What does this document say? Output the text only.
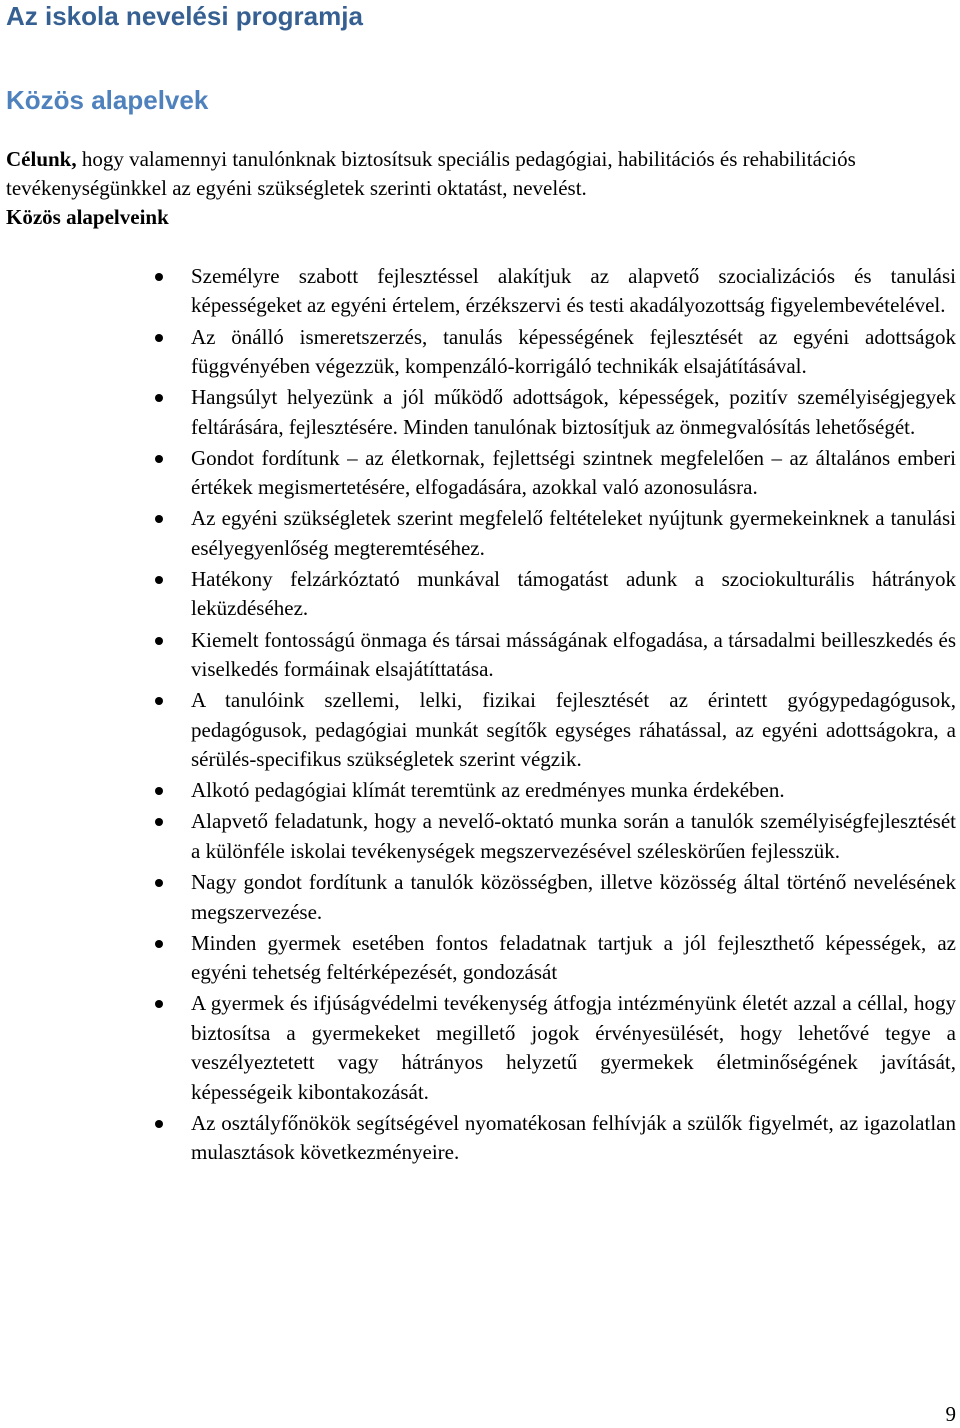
Az iskola nevelési programja
Közös alapelvek

Célunk, hogy valamennyi tanulónknak biztosítsuk speciális pedagógiai, habilitációs és rehabilitációs tevékenységünkkel az egyéni szükségletek szerinti oktatást, nevelést.

Közös alapelveink

Személyre szabott fejlesztéssel alakítjuk az alapvető szocializációs és tanulási képességeket az egyéni értelem, érzékszervi és testi akadályozottság figyelembevételével.
Az önálló ismeretszerzés, tanulás képességének fejlesztését az egyéni adottságok függvényében végezzük, kompenzáló-korrigáló technikák elsajátításával.
Hangsúlyt helyezünk a jól működő adottságok, képességek, pozitív személyiségjegyek feltárására, fejlesztésére. Minden tanulónak biztosítjuk az önmegvalósítás lehetőségét.
Gondot fordítunk – az életkornak, fejlettségi szintnek megfelelően – az általános emberi értékek megismertetésére, elfogadására, azokkal való azonosulásra.
Az egyéni szükségletek szerint megfelelő feltételeket nyújtunk gyermekeinknek a tanulási esélyegyenlőség megteremtéséhez.
Hatékony felzárkóztató munkával támogatást adunk a szociokulturális hátrányok leküzdéséhez.
Kiemelt fontosságú önmaga és társai másságának elfogadása, a társadalmi beilleszkedés és viselkedés formáinak elsajátíttatása.
A tanulóink szellemi, lelki, fizikai fejlesztését az érintett gyógypedagógusok, pedagógusok, pedagógiai munkát segítők egységes ráhatással, az egyéni adottságokra, a sérülés-specifikus szükségletek szerint végzik.
Alkotó pedagógiai klímát teremtünk az eredményes munka érdekében.
Alapvető feladatunk, hogy a nevelő-oktató munka során a tanulók személyiségfejlesztését a különféle iskolai tevékenységek megszervezésével széleskörűen fejlesszük.
Nagy gondot fordítunk a tanulók közösségben, illetve közösség által történő nevelésének megszervezése.
Minden gyermek esetében fontos feladatnak tartjuk a jól fejleszthető képességek, az egyéni tehetség feltérképezését, gondozását
A gyermek és ifjúságvédelmi tevékenység átfogja intézményünk életét azzal a céllal, hogy biztosítsa a gyermekeket megillető jogok érvényesülését, hogy lehetővé tegye a veszélyeztetett vagy hátrányos helyzetű gyermekek életminőségének javítását, képességeik kibontakozását.
Az osztályfőnökök segítségével nyomatékosan felhívják a szülők figyelmét, az igazolatlan mulasztások következményeire.

9
